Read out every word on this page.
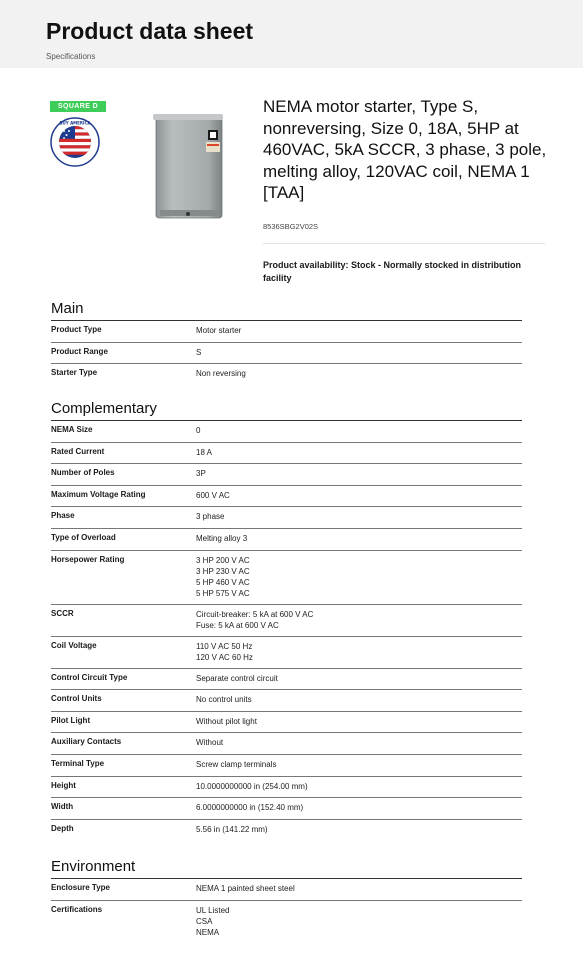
Product data sheet
Specifications
SQUARE D
BUY AMERICA
NEMA motor starter, Type S, nonreversing, Size 0, 18A, 5HP at 460VAC, 5kA SCCR, 3 phase, 3 pole, melting alloy, 120VAC coil, NEMA 1 [TAA]
8536SBG2V02S
Product availability: Stock - Normally stocked in distribution facility
Main
Product Type	Motor starter
Product Range	S
Starter Type	Non reversing
Complementary
NEMA Size	0
Rated Current	18 A
Number of Poles	3P
Maximum Voltage Rating	600 V AC
Phase	3 phase
Type of Overload	Melting alloy 3
Horsepower Rating	3 HP 200 V AC
3 HP 230 V AC
5 HP 460 V AC
5 HP 575 V AC
SCCR	Circuit-breaker: 5 kA at 600 V AC
Fuse: 5 kA at 600 V AC
Coil Voltage	110 V AC 50 Hz
120 V AC 60 Hz
Control Circuit Type	Separate control circuit
Control Units	No control units
Pilot Light	Without pilot light
Auxiliary Contacts	Without
Terminal Type	Screw clamp terminals
Height	10.0000000000 in (254.00 mm)
Width	6.0000000000 in (152.40 mm)
Depth	5.56 in (141.22 mm)
Environment
Enclosure Type	NEMA 1 painted sheet steel
Certifications	UL Listed
CSA
NEMA
